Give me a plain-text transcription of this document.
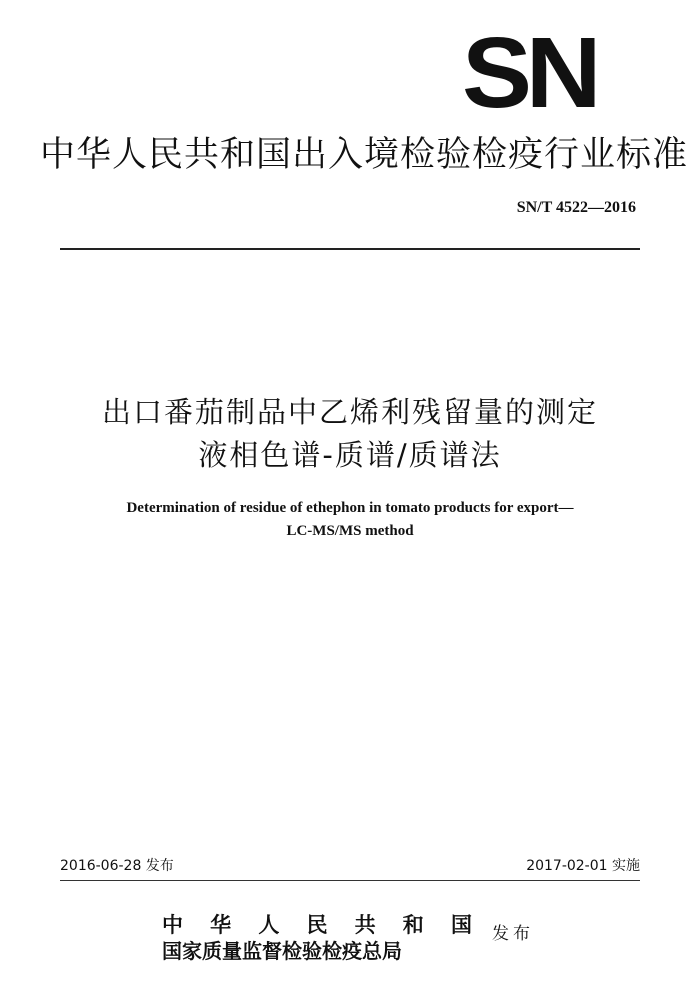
SN
中华人民共和国出入境检验检疫行业标准
SN/T 4522—2016
出口番茄制品中乙烯利残留量的测定
液相色谱-质谱/质谱法
Determination of residue of ethephon in tomato products for export—
LC-MS/MS method
2016-06-28 发布	2017-02-01 实施
中 华 人 民 共 和 国
国家质量监督检验检疫总局
发布
